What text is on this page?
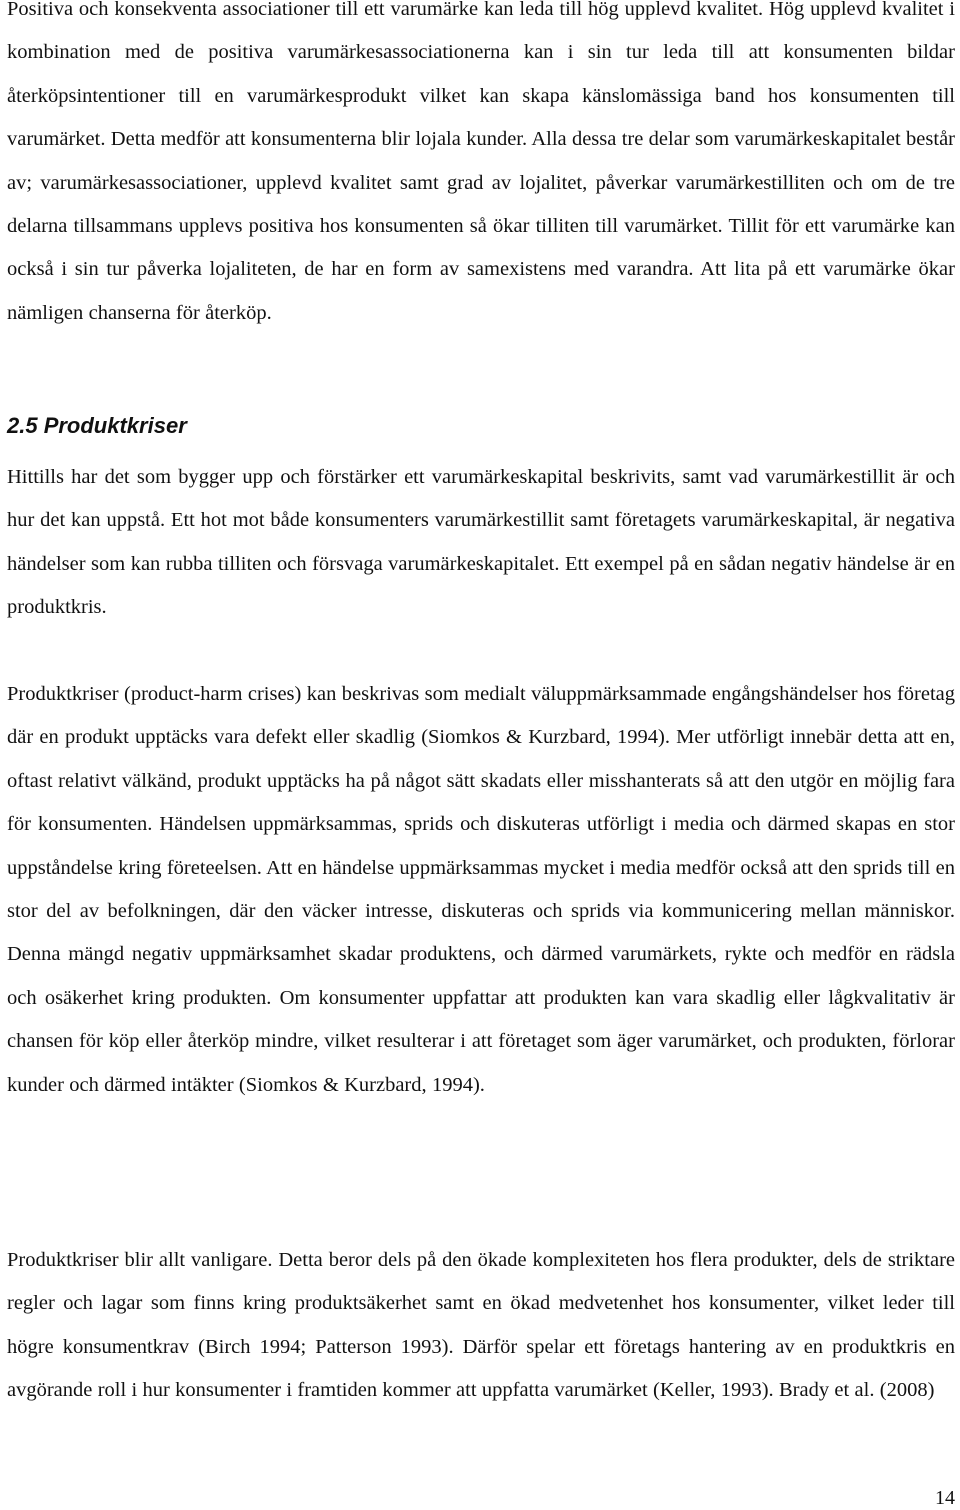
Positiva och konsekventa associationer till ett varumärke kan leda till hög upplevd kvalitet. Hög upplevd kvalitet i kombination med de positiva varumärkesassociationerna kan i sin tur leda till att konsumenten bildar återköpsintentioner till en varumärkesprodukt vilket kan skapa känslomässiga band hos konsumenten till varumärket. Detta medför att konsumenterna blir lojala kunder. Alla dessa tre delar som varumärkeskapitalet består av; varumärkesassociationer, upplevd kvalitet samt grad av lojalitet, påverkar varumärkestilliten och om de tre delarna tillsammans upplevs positiva hos konsumenten så ökar tilliten till varumärket. Tillit för ett varumärke kan också i sin tur påverka lojaliteten, de har en form av samexistens med varandra. Att lita på ett varumärke ökar nämligen chanserna för återköp.

2.5 Produktkriser

Hittills har det som bygger upp och förstärker ett varumärkeskapital beskrivits, samt vad varumärkestillit är och hur det kan uppstå. Ett hot mot både konsumenters varumärkestillit samt företagets varumärkeskapital, är negativa händelser som kan rubba tilliten och försvaga varumärkeskapitalet. Ett exempel på en sådan negativ händelse är en produktkris.

Produktkriser (product-harm crises) kan beskrivas som medialt väluppmärksammade engångshändelser hos företag där en produkt upptäcks vara defekt eller skadlig (Siomkos & Kurzbard, 1994). Mer utförligt innebär detta att en, oftast relativt välkänd, produkt upptäcks ha på något sätt skadats eller misshanterats så att den utgör en möjlig fara för konsumenten. Händelsen uppmärksammas, sprids och diskuteras utförligt i media och därmed skapas en stor uppståndelse kring företeelsen. Att en händelse uppmärksammas mycket i media medför också att den sprids till en stor del av befolkningen, där den väcker intresse, diskuteras och sprids via kommunicering mellan människor. Denna mängd negativ uppmärksamhet skadar produktens, och därmed varumärkets, rykte och medför en rädsla och osäkerhet kring produkten. Om konsumenter uppfattar att produkten kan vara skadlig eller lågkvalitativ är chansen för köp eller återköp mindre, vilket resulterar i att företaget som äger varumärket, och produkten, förlorar kunder och därmed intäkter (Siomkos & Kurzbard, 1994).

Produktkriser blir allt vanligare. Detta beror dels på den ökade komplexiteten hos flera produkter, dels de striktare regler och lagar som finns kring produktsäkerhet samt en ökad medvetenhet hos konsumenter, vilket leder till högre konsumentkrav (Birch 1994; Patterson 1993). Därför spelar ett företags hantering av en produktkris en avgörande roll i hur konsumenter i framtiden kommer att uppfatta varumärket (Keller, 1993). Brady et al. (2008)

14
